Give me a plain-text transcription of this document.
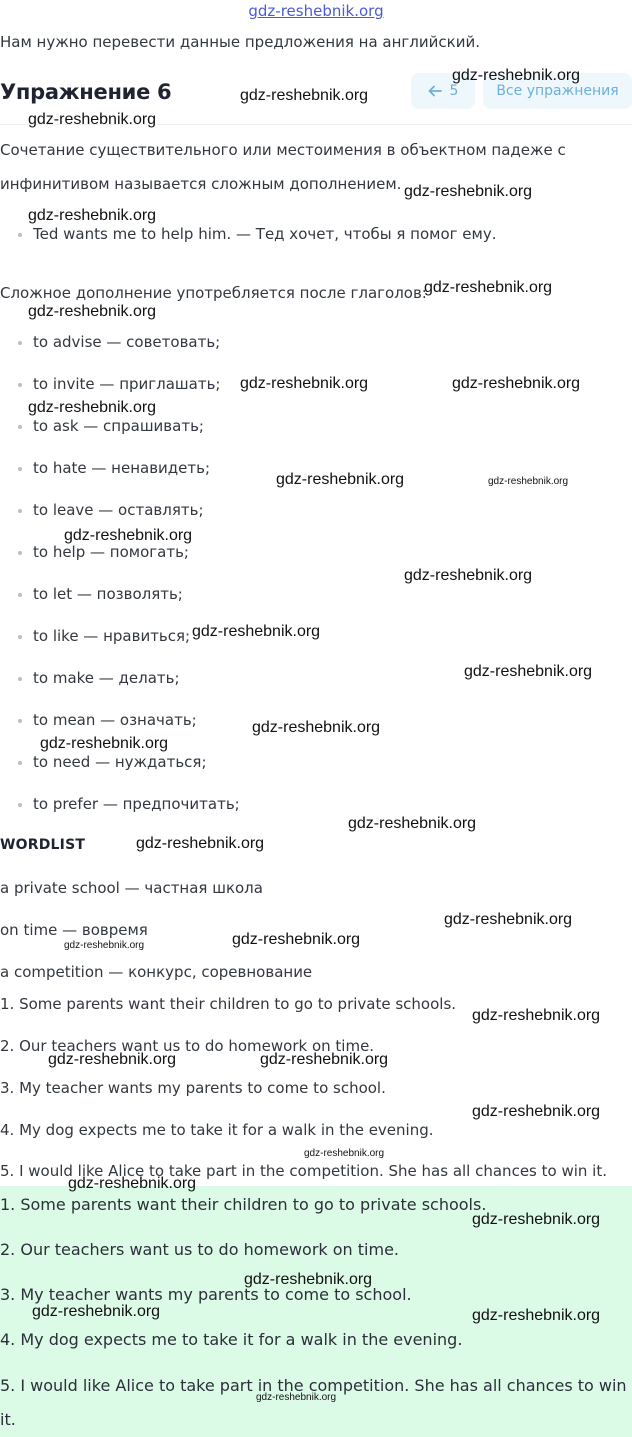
gdz-reshebnik.org
Нам нужно перевести данные предложения на английский.
Упражнение 6	5	Все упражнения
Сочетание существительного или местоимения в объектном падеже с
инфинитивом называется сложным дополнением.
Ted wants me to help him. — Тед хочет, чтобы я помог ему.
Сложное дополнение употребляется после глаголов:
to advise — советовать;
to invite — приглашать;
to ask — спрашивать;
to hate — ненавидеть;
to leave — оставлять;
to help — помогать;
to let — позволять;
to like — нравиться;
to make — делать;
to mean — означать;
to need — нуждаться;
to prefer — предпочитать;
WORDLIST
a private school — частная школа
on time — вовремя
a competition — конкурс, соревнование
1. Some parents want their children to go to private schools.
2. Our teachers want us to do homework on time.
3. My teacher wants my parents to come to school.
4. My dog expects me to take it for a walk in the evening.
5. I would like Alice to take part in the competition. She has all chances to win it.
1. Some parents want their children to go to private schools.
2. Our teachers want us to do homework on time.
3. My teacher wants my parents to come to school.
4. My dog expects me to take it for a walk in the evening.
5. I would like Alice to take part in the competition. She has all chances to win
it.
gdz-reshebnik.org
gdz-reshebnik.org
gdz-reshebnik.org
gdz-reshebnik.org
gdz-reshebnik.org
gdz-reshebnik.org
gdz-reshebnik.org
gdz-reshebnik.org	gdz-reshebnik.org
gdz-reshebnik.org
gdz-reshebnik.org	gdz-reshebnik.org
gdz-reshebnik.org
gdz-reshebnik.org
gdz-reshebnik.org
gdz-reshebnik.org
gdz-reshebnik.org
gdz-reshebnik.org
gdz-reshebnik.org
gdz-reshebnik.org
gdz-reshebnik.org
gdz-reshebnik.org
gdz-reshebnik.org
gdz-reshebnik.org
gdz-reshebnik.org	gdz-reshebnik.org
gdz-reshebnik.org
gdz-reshebnik.org
gdz-reshebnik.org
gdz-reshebnik.org
gdz-reshebnik.org
gdz-reshebnik.org	gdz-reshebnik.org
gdz-reshebnik.org
